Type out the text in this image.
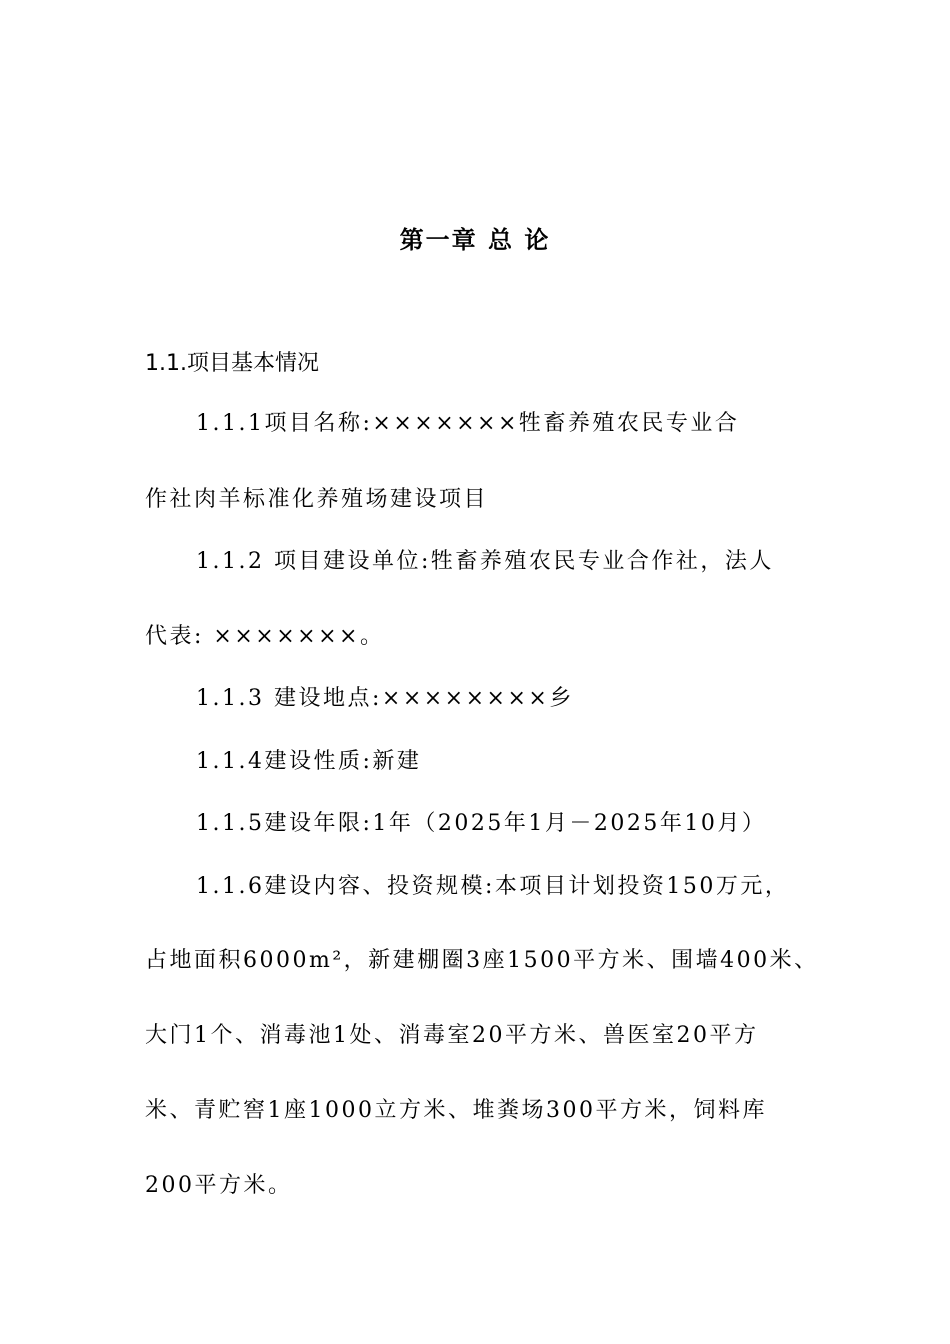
第一章 总 论
1.1.项目基本情况
1.1.1项目名称:×××××××牲畜养殖农民专业合
作社肉羊标准化养殖场建设项目
1.1.2 项目建设单位:牲畜养殖农民专业合作社，法人
代表: ×××××××。
1.1.3 建设地点:××××××××乡
1.1.4建设性质:新建
1.1.5建设年限:1年（2025年1月－2025年10月）
1.1.6建设内容、投资规模:本项目计划投资150万元，
占地面积6000m²，新建棚圈3座1500平方米、围墙400米、
大门1个、消毒池1处、消毒室20平方米、兽医室20平方
米、青贮窖1座1000立方米、堆粪场300平方米，饲料库
200平方米。
